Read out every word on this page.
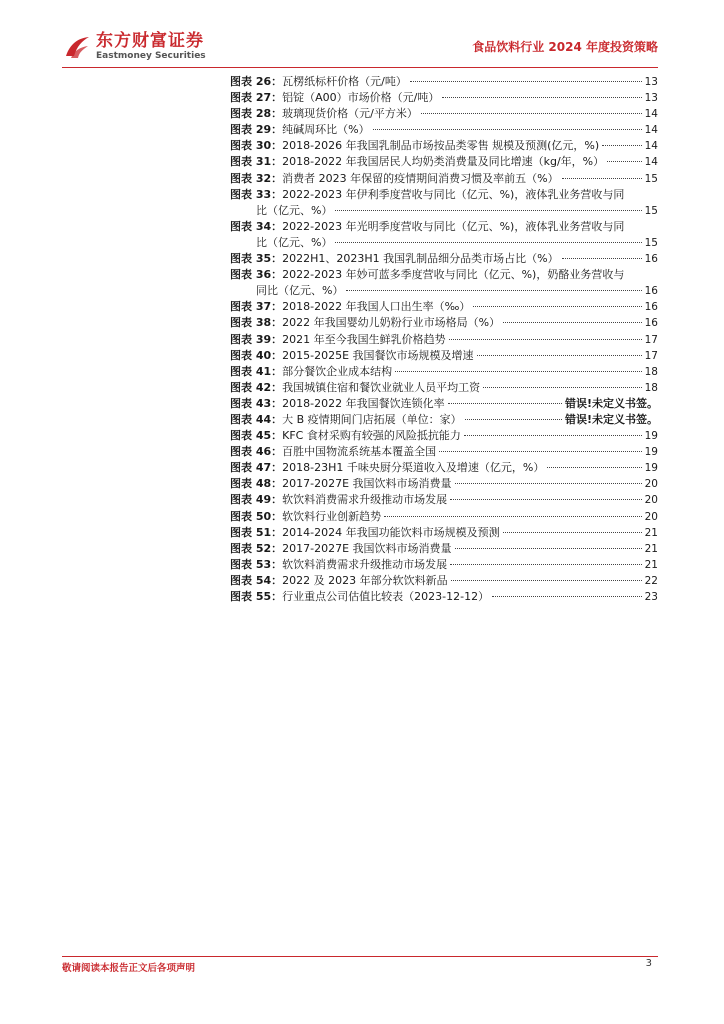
东方财富证券
Eastmoney Securities
食品饮料行业 2024 年度投资策略
图表 26： 瓦楞纸标杆价格（元/吨）	13
图表 27： 铝锭（A00）市场价格（元/吨）	13
图表 28： 玻璃现货价格（元/平方米）	14
图表 29： 纯碱周环比（%）	14
图表 30： 2018-2026 年我国乳制品市场按品类零售 规模及预测(亿元，%)	14
图表 31： 2018-2022 年我国居民人均奶类消费量及同比增速（kg/年，%）	14
图表 32： 消费者 2023 年保留的疫情期间消费习惯及率前五（%）	15
图表 33： 2022-2023 年伊利季度营收与同比（亿元、%)，液体乳业务营收与同
比（亿元、%）	15
图表 34： 2022-2023 年光明季度营收与同比（亿元、%)，液体乳业务营收与同
比（亿元、%）	15
图表 35： 2022H1、2023H1 我国乳制品细分品类市场占比（%）	16
图表 36： 2022-2023 年妙可蓝多季度营收与同比（亿元、%)，奶酪业务营收与
同比（亿元、%）	16
图表 37： 2018-2022 年我国人口出生率（‰）	16
图表 38： 2022 年我国婴幼儿奶粉行业市场格局（%）	16
图表 39： 2021 年至今我国生鲜乳价格趋势	17
图表 40： 2015-2025E 我国餐饮市场规模及增速	17
图表 41： 部分餐饮企业成本结构	18
图表 42： 我国城镇住宿和餐饮业就业人员平均工资	18
图表 43： 2018-2022 年我国餐饮连锁化率	错误!未定义书签。
图表 44： 大 B 疫情期间门店拓展（单位：家）	错误!未定义书签。
图表 45： KFC 食材采购有较强的风险抵抗能力	19
图表 46： 百胜中国物流系统基本覆盖全国	19
图表 47： 2018-23H1 千味央厨分渠道收入及增速（亿元，%）	19
图表 48： 2017-2027E 我国饮料市场消费量	20
图表 49： 软饮料消费需求升级推动市场发展	20
图表 50： 软饮料行业创新趋势	20
图表 51： 2014-2024 年我国功能饮料市场规模及预测	21
图表 52： 2017-2027E 我国饮料市场消费量	21
图表 53： 软饮料消费需求升级推动市场发展	21
图表 54： 2022 及 2023 年部分软饮料新品	22
图表 55： 行业重点公司估值比较表（2023-12-12）	23
敬请阅读本报告正文后各项声明	3
